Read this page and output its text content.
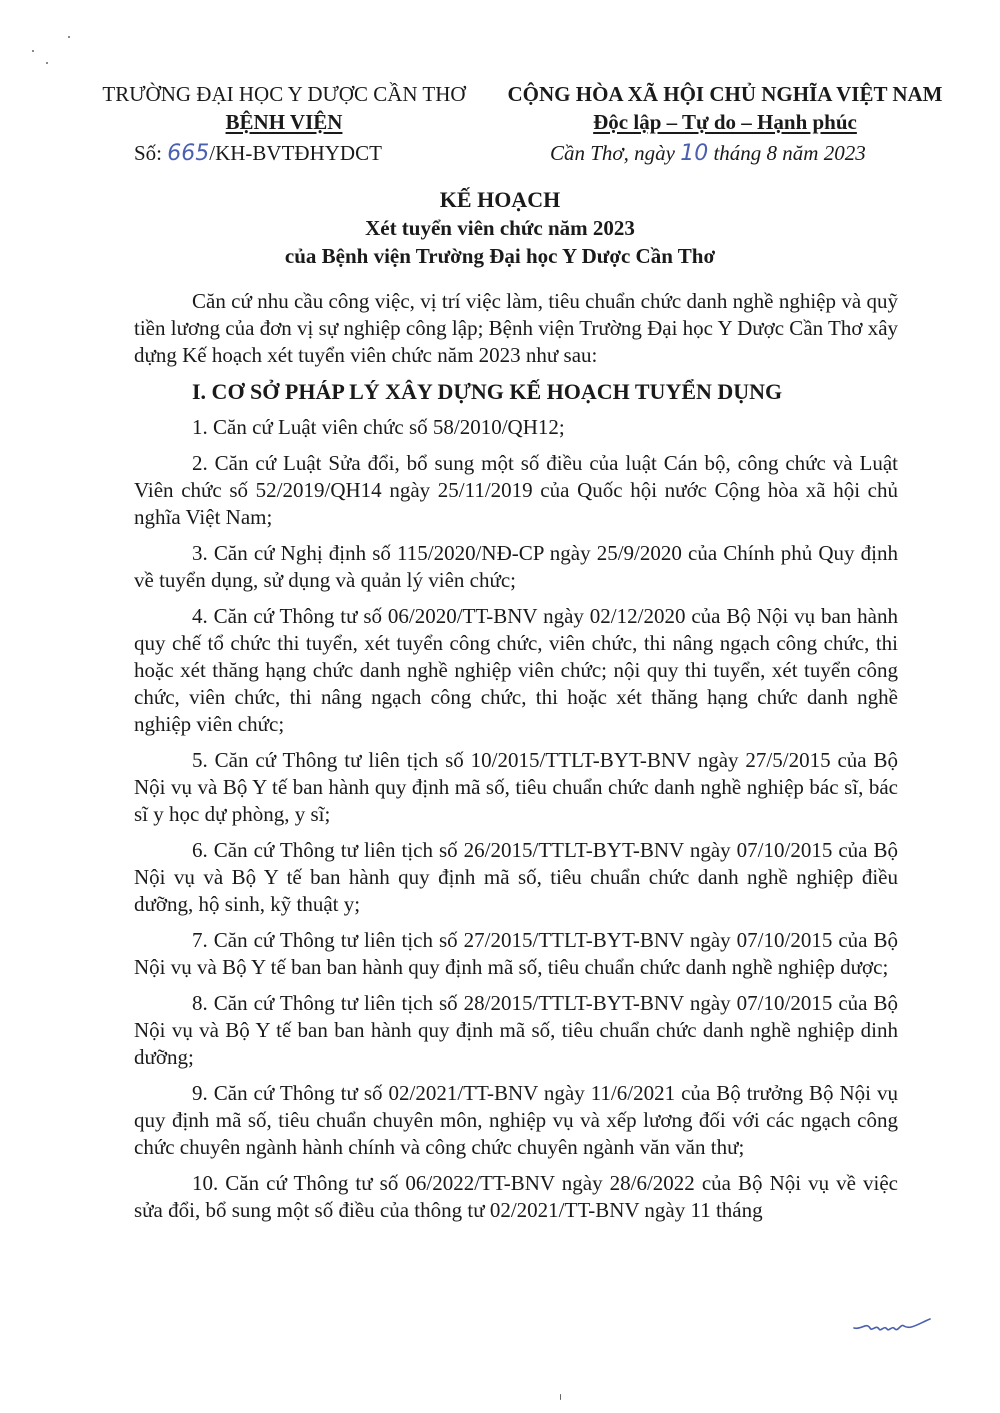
TRƯỜNG ĐẠI HỌC Y DƯỢC CẦN THƠ
BỆNH VIỆN
CỘNG HÒA XÃ HỘI CHỦ NGHĨA VIỆT NAM
Độc lập – Tự do – Hạnh phúc
Số: 665/KH-BVTĐHYDCT	Cần Thơ, ngày 10 tháng 8 năm 2023
KẾ HOẠCH
Xét tuyển viên chức năm 2023
của Bệnh viện Trường Đại học Y Dược Cần Thơ

Căn cứ nhu cầu công việc, vị trí việc làm, tiêu chuẩn chức danh nghề nghiệp và quỹ tiền lương của đơn vị sự nghiệp công lập; Bệnh viện Trường Đại học Y Dược Cần Thơ xây dựng Kế hoạch xét tuyển viên chức năm 2023 như sau:

I. CƠ SỞ PHÁP LÝ XÂY DỰNG KẾ HOẠCH TUYỂN DỤNG

1. Căn cứ Luật viên chức số 58/2010/QH12;

2. Căn cứ Luật Sửa đổi, bổ sung một số điều của luật Cán bộ, công chức và Luật Viên chức số 52/2019/QH14 ngày 25/11/2019 của Quốc hội nước Cộng hòa xã hội chủ nghĩa Việt Nam;

3. Căn cứ Nghị định số 115/2020/NĐ-CP ngày 25/9/2020 của Chính phủ Quy định về tuyển dụng, sử dụng và quản lý viên chức;

4. Căn cứ Thông tư số 06/2020/TT-BNV ngày 02/12/2020 của Bộ Nội vụ ban hành quy chế tổ chức thi tuyển, xét tuyển công chức, viên chức, thi nâng ngạch công chức, thi hoặc xét thăng hạng chức danh nghề nghiệp viên chức; nội quy thi tuyển, xét tuyển công chức, viên chức, thi nâng ngạch công chức, thi hoặc xét thăng hạng chức danh nghề nghiệp viên chức;

5. Căn cứ Thông tư liên tịch số 10/2015/TTLT-BYT-BNV ngày 27/5/2015 của Bộ Nội vụ và Bộ Y tế ban hành quy định mã số, tiêu chuẩn chức danh nghề nghiệp bác sĩ, bác sĩ y học dự phòng, y sĩ;

6. Căn cứ Thông tư liên tịch số 26/2015/TTLT-BYT-BNV ngày 07/10/2015 của Bộ Nội vụ và Bộ Y tế ban hành quy định mã số, tiêu chuẩn chức danh nghề nghiệp điều dưỡng, hộ sinh, kỹ thuật y;

7. Căn cứ Thông tư liên tịch số 27/2015/TTLT-BYT-BNV ngày 07/10/2015 của Bộ Nội vụ và Bộ Y tế ban ban hành quy định mã số, tiêu chuẩn chức danh nghề nghiệp dược;

8. Căn cứ Thông tư liên tịch số 28/2015/TTLT-BYT-BNV ngày 07/10/2015 của Bộ Nội vụ và Bộ Y tế ban ban hành quy định mã số, tiêu chuẩn chức danh nghề nghiệp dinh dưỡng;

9. Căn cứ Thông tư số 02/2021/TT-BNV ngày 11/6/2021 của Bộ trưởng Bộ Nội vụ quy định mã số, tiêu chuẩn chuyên môn, nghiệp vụ và xếp lương đối với các ngạch công chức chuyên ngành hành chính và công chức chuyên ngành văn văn thư;

10. Căn cứ Thông tư số 06/2022/TT-BNV ngày 28/6/2022 của Bộ Nội vụ về việc sửa đổi, bổ sung một số điều của thông tư 02/2021/TT-BNV ngày 11 tháng
